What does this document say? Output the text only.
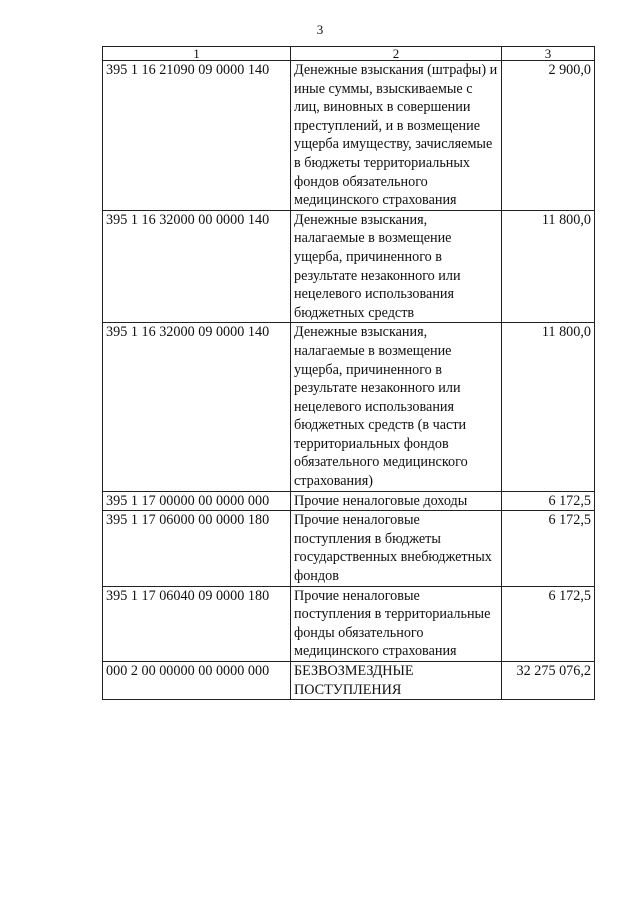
3
1	2	3
395 1 16 21090 09 0000 140	Денежные взыскания (штрафы) и иные суммы, взыскиваемые с лиц, виновных в совершении преступлений, и в возмещение ущерба имуществу, зачисляемые в бюджеты территориальных фондов обязательного медицинского страхования	2 900,0
395 1 16 32000 00 0000 140	Денежные взыскания, налагаемые в возмещение ущерба, причиненного в результате незаконного или нецелевого использования бюджетных средств	11 800,0
395 1 16 32000 09 0000 140	Денежные взыскания, налагаемые в возмещение ущерба, причиненного в результате незаконного или нецелевого использования бюджетных средств (в части территориальных фондов обязательного медицинского страхования)	11 800,0
395 1 17 00000 00 0000 000	Прочие неналоговые доходы	6 172,5
395 1 17 06000 00 0000 180	Прочие неналоговые поступления в бюджеты государственных внебюджетных фондов	6 172,5
395 1 17 06040 09 0000 180	Прочие неналоговые поступления в территориальные фонды обязательного медицинского страхования	6 172,5
000 2 00 00000 00 0000 000	БЕЗВОЗМЕЗДНЫЕ ПОСТУПЛЕНИЯ	32 275 076,2
